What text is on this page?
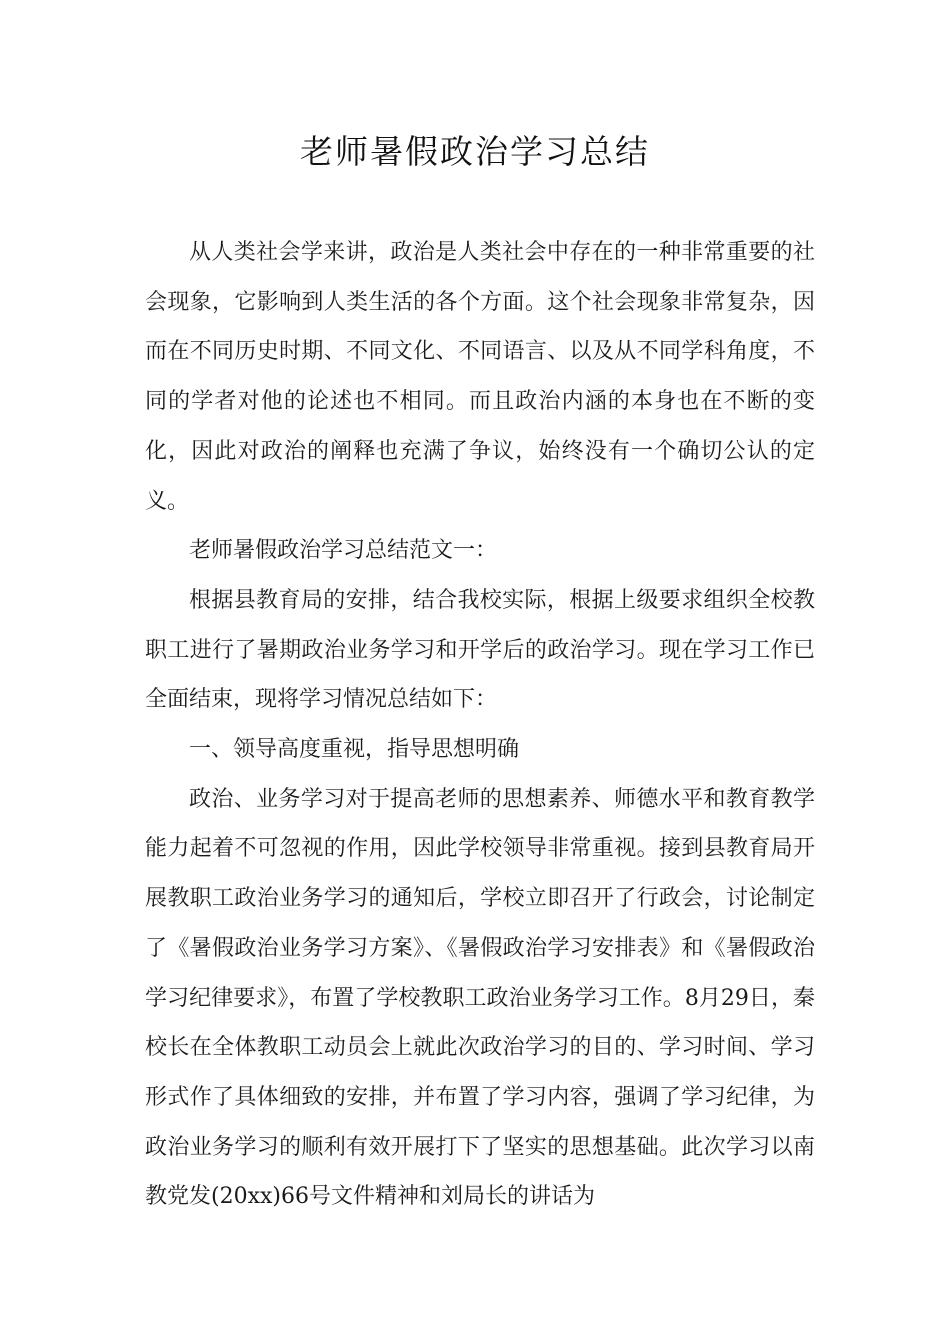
老师暑假政治学习总结

从人类社会学来讲，政治是人类社会中存在的一种非常重要的社会现象，它影响到人类生活的各个方面。这个社会现象非常复杂，因而在不同历史时期、不同文化、不同语言、以及从不同学科角度，不同的学者对他的论述也不相同。而且政治内涵的本身也在不断的变化，因此对政治的阐释也充满了争议，始终没有一个确切公认的定义。

老师暑假政治学习总结范文一：

根据县教育局的安排，结合我校实际，根据上级要求组织全校教职工进行了暑期政治业务学习和开学后的政治学习。现在学习工作已全面结束，现将学习情况总结如下：

一、领导高度重视，指导思想明确

政治、业务学习对于提高老师的思想素养、师德水平和教育教学能力起着不可忽视的作用，因此学校领导非常重视。接到县教育局开展教职工政治业务学习的通知后，学校立即召开了行政会，讨论制定了《暑假政治业务学习方案》、《暑假政治学习安排表》和《暑假政治学习纪律要求》，布置了学校教职工政治业务学习工作。8月29日，秦校长在全体教职工动员会上就此次政治学习的目的、学习时间、学习形式作了具体细致的安排，并布置了学习内容，强调了学习纪律，为政治业务学习的顺利有效开展打下了坚实的思想基础。此次学习以南教党发(20xx)66号文件精神和刘局长的讲话为
